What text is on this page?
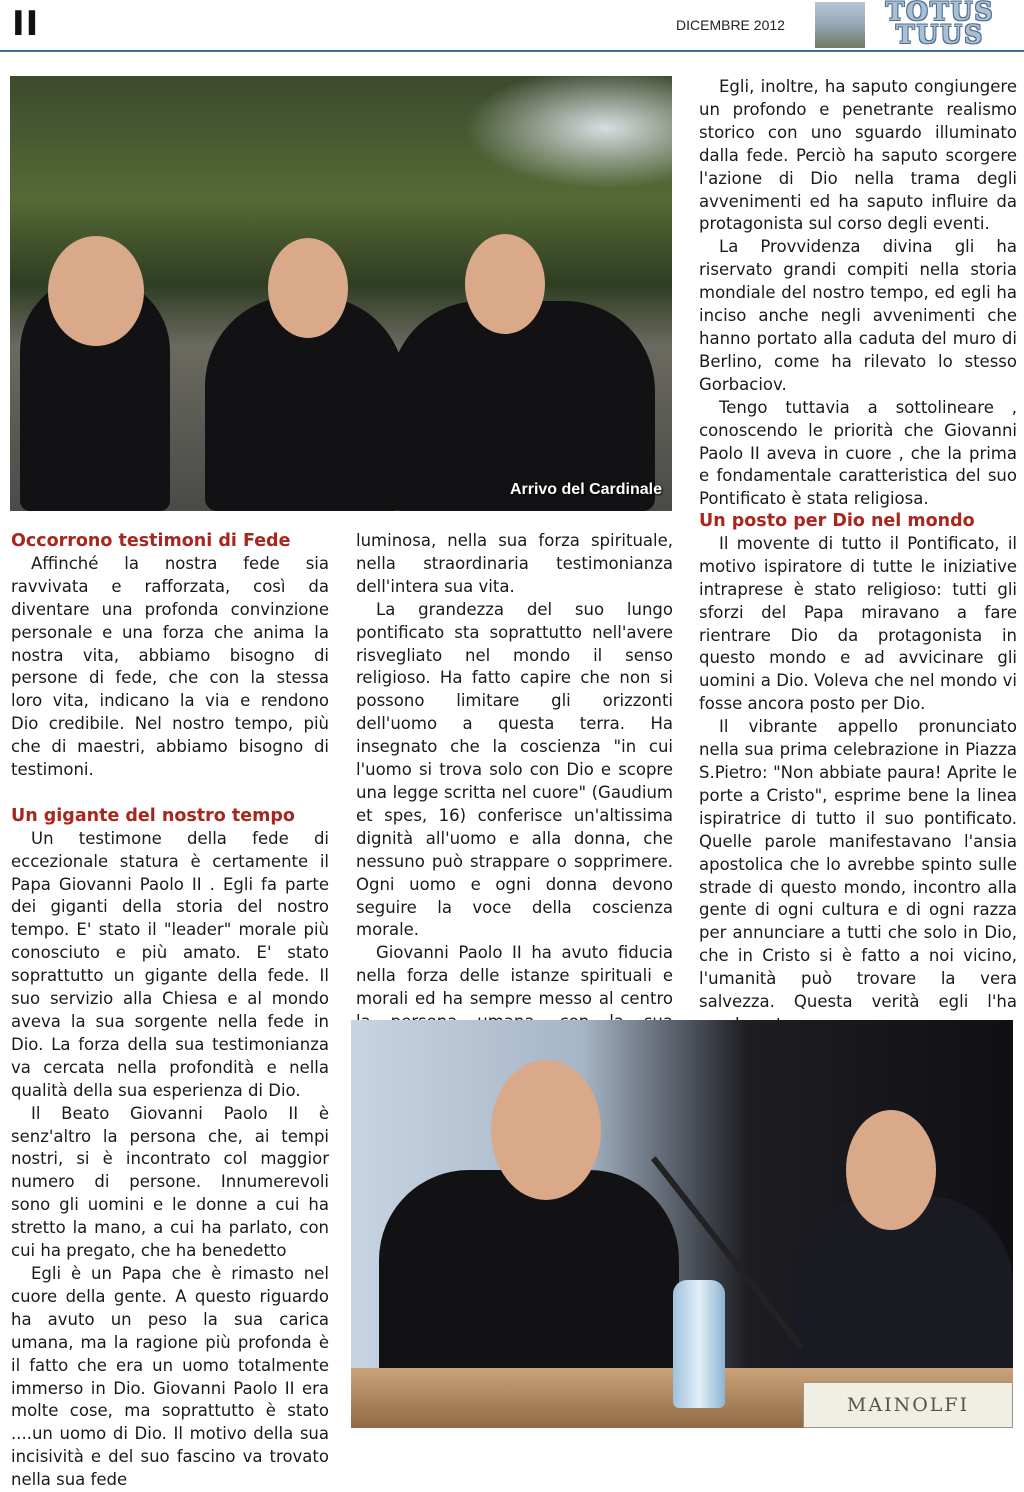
II	DICEMBRE 2012	TOTUS
TUUS
Arrivo del Cardinale
Occorrono testimoni di Fede

Affinché la nostra fede sia ravvivata e rafforzata, così da diventare una profonda convinzione personale e una forza che anima la nostra vita, abbiamo bisogno di persone di fede, che con la stessa loro vita, indicano la via e rendono Dio credibile. Nel nostro tempo, più che di maestri, abbiamo bisogno di testimoni.

Un gigante del nostro tempo

Un testimone della fede di eccezionale statura è certamente il Papa Giovanni Paolo II . Egli fa parte dei giganti della storia del nostro tempo. E' stato il "leader" morale più conosciuto e più amato. E' stato soprattutto un gigante della fede. Il suo servizio alla Chiesa e al mondo aveva la sua sorgente nella fede in Dio. La forza della sua testimonianza va cercata nella profondità e nella qualità della sua esperienza di Dio.

Il Beato Giovanni Paolo II è senz'altro la persona che, ai tempi nostri, si è incontrato col maggior numero di persone. Innumerevoli sono gli uomini e le donne a cui ha stretto la mano, a cui ha parlato, con cui ha pregato, che ha benedetto

Egli è un Papa che è rimasto nel cuore della gente. A questo riguardo ha avuto un peso la sua carica umana, ma la ragione più profonda è il fatto che era un uomo totalmente immerso in Dio. Giovanni Paolo II era molte cose, ma soprattutto è stato ....un uomo di Dio. Il motivo della sua incisività e del suo fascino va trovato nella sua fede

luminosa, nella sua forza spirituale, nella straordinaria testimonianza dell'intera sua vita.

La grandezza del suo lungo pontificato sta soprattutto nell'avere risvegliato nel mondo il senso religioso. Ha fatto capire che non si possono limitare gli orizzonti dell'uomo a questa terra. Ha insegnato che la coscienza "in cui l'uomo si trova solo con Dio e scopre una legge scritta nel cuore" (Gaudium et spes, 16) conferisce un'altissima dignità all'uomo e alla donna, che nessuno può strappare o sopprimere. Ogni uomo e ogni donna devono seguire la voce della coscienza morale.

Giovanni Paolo II ha avuto fiducia nella forza delle istanze spirituali e morali ed ha sempre messo al centro

Egli, inoltre, ha saputo congiungere un profondo e penetrante realismo storico con uno sguardo illuminato dalla fede. Perciò ha saputo scorgere l'azione di Dio nella trama degli avvenimenti ed ha saputo influire da protagonista sul corso degli eventi.

La Provvidenza divina gli ha riservato grandi compiti nella storia mondiale del nostro tempo, ed egli ha inciso anche negli avvenimenti che hanno portato alla caduta del muro di Berlino, come ha rilevato lo stesso Gorbaciov.

Tengo tuttavia a sottolineare , conoscendo le priorità che Giovanni Paolo II aveva in cuore , che la prima e fondamentale caratteristica del suo Pontificato è stata religiosa.

Un posto per Dio nel mondo

Il movente di tutto il Pontificato, il motivo ispiratore di tutte le iniziative intraprese è stato religioso: tutti gli sforzi del Papa miravano a fare rientrare Dio da protagonista in questo mondo e ad avvicinare gli uomini a Dio. Voleva che nel mondo vi fosse ancora posto per Dio.

Il vibrante appello pronunciato nella sua prima celebrazione in Piazza S.Pietro: "Non abbiate paura! Aprite le porte a Cristo", esprime bene la linea ispiratrice di tutto il suo pontificato. Quelle parole manifestavano l'ansia apostolica che lo avrebbe spinto sulle strade di questo mondo, incontro alla gente di ogni cultura e di ogni razza per annunciare a tutti che solo in Dio, che in Cristo si è fatto a noi vicino, l'umanità può trovare la vera salvezza. Questa verità egli l'ha

MAINOLFI
